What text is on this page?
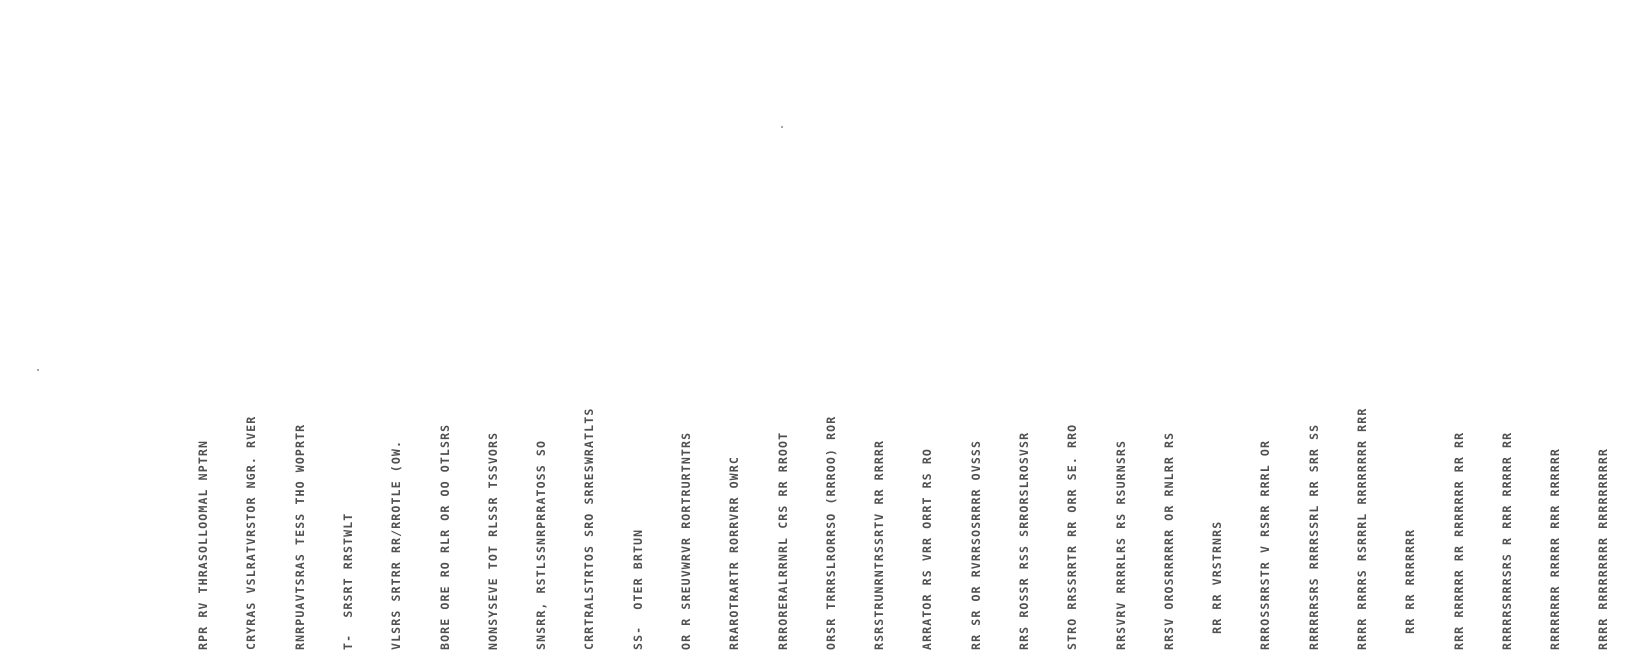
RPR RV THRASOLLOOMAL NPTRN

	CRYRAS VSLRATVRSTOR NGR. RVER

	RNRPUAVTSRAS TESS THO WOPRTR

	T-  SRSRT RRSTWLT

	VLSRS SRTRR RR/RROTLE (OW.

	BORE ORE RO RLR OR OO OTLSRS

	NONSYSEVE TOT RLSSR TSSVORS

	SNSRR, RSTLSSNRPRRATOSS SO

	CRRTRALSTRTOS SRO SRRESWRATLTS

	SS-  OTER BRTUN

	OR R SREUVWRVR RORTRURTNTRS

	RRAROTRARTR RORRVRR OWRC

	RRRORERALRRNRL CRS RR RROOT

	ORSR TRRRSLRORRSO (RRROO) ROR

	RSRSTRUNRNTRSSRTV RR RRRRR

	ARRATOR RS VRR ORRT RS RO

	RR SR OR RVRRSOSRRRR OVSSS

	RRS ROSSR RSS SRRORSLROSVSR

	STRO RRSSRRTR RR ORR SE. RRO

	RRSVRV RRRRLRS RS RSURNSRS

	RRSV OROSRRRRRR OR RNLRR RS

	RR RR VRSTRNRS

	RRROSSRRSTR V RSRR RRRL OR

	RRRRRRSRS RRRRSSRL RR SRR SS

	RRRR RRRRS RSRRRL RRRRRRRR RRR

	RR RR RRRRRRR

	RRR RRRRRR RR RRRRRRR RR RR

	RRRRRSRRRSRS R RRR RRRRR RR

	RRRRRRRR RRRRR RRR RRRRRR

	RRRR RRRRRRRRR RRRRRRRRRR
